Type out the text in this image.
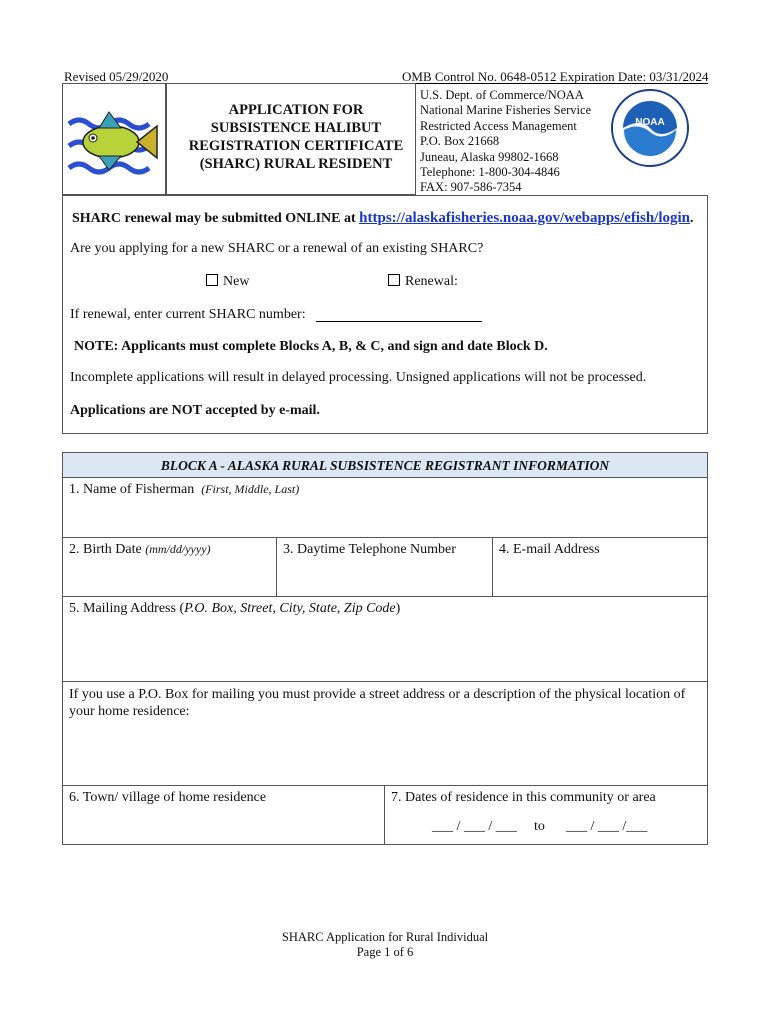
Revised 05/29/2020	OMB Control No. 0648-0512 Expiration Date: 03/31/2024
APPLICATION FOR
SUBSISTENCE HALIBUT
REGISTRATION CERTIFICATE
(SHARC) RURAL RESIDENT
U.S. Dept. of Commerce/NOAA
National Marine Fisheries Service
Restricted Access Management
P.O. Box 21668
Juneau, Alaska 99802-1668
Telephone: 1-800-304-4846
FAX: 907-586-7354
NOAA
SHARC renewal may be submitted ONLINE at https://alaskafisheries.noaa.gov/webapps/efish/login.
Are you applying for a new SHARC or a renewal of an existing SHARC?
New	Renewal:
If renewal, enter current SHARC number:
NOTE: Applicants must complete Blocks A, B, & C, and sign and date Block D.
Incomplete applications will result in delayed processing. Unsigned applications will not be processed.
Applications are NOT accepted by e-mail.
BLOCK A - ALASKA RURAL SUBSISTENCE REGISTRANT INFORMATION
1. Name of Fisherman (First, Middle, Last)
2. Birth Date (mm/dd/yyyy)	3. Daytime Telephone Number	4. E-mail Address
5. Mailing Address (P.O. Box, Street, City, State, Zip Code)
If you use a P.O. Box for mailing you must provide a street address or a description of the physical location of your home residence:
6. Town/ village of home residence	7. Dates of residence in this community or area
___ / ___ / ___ to ___ / ___ /___
SHARC Application for Rural Individual
Page 1 of 6
